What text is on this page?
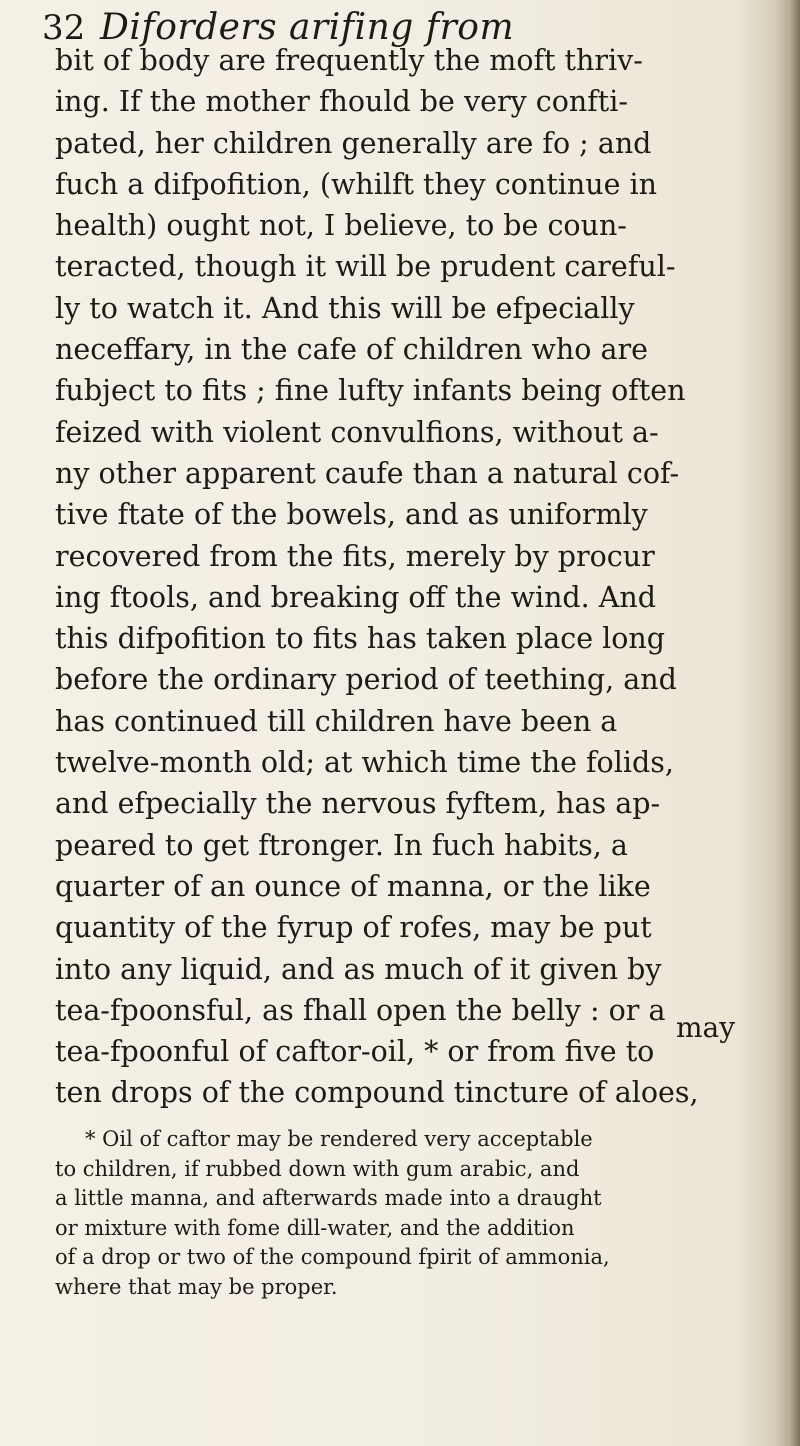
32 Diforders arifing from
bit of body are frequently the moft thriv-
ing. If the mother fhould be very confti-
pated, her children generally are fo ; and
fuch a difpofition, (whilft they continue in
health) ought not, I believe, to be coun-
teracted, though it will be prudent careful-
ly to watch it. And this will be efpecially
neceffary, in the cafe of children who are
fubject to fits ; fine lufty infants being often
feized with violent convulfions, without a-
ny other apparent caufe than a natural cof-
tive ftate of the bowels, and as uniformly
recovered from the fits, merely by procur
ing ftools, and breaking off the wind. And
this difpofition to fits has taken place long
before the ordinary period of teething, and
has continued till children have been a
twelve-month old; at which time the folids,
and efpecially the nervous fyftem, has ap-
peared to get ftronger. In fuch habits, a
quarter of an ounce of manna, or the like
quantity of the fyrup of rofes, may be put
into any liquid, and as much of it given by
tea-fpoonsful, as fhall open the belly : or a
tea-fpoonful of caftor-oil, * or from five to
ten drops of the compound tincture of aloes,
may
* Oil of caftor may be rendered very acceptable
to children, if rubbed down with gum arabic, and
a little manna, and afterwards made into a draught
or mixture with fome dill-water, and the addition
of a drop or two of the compound fpirit of ammonia,
where that may be proper.
